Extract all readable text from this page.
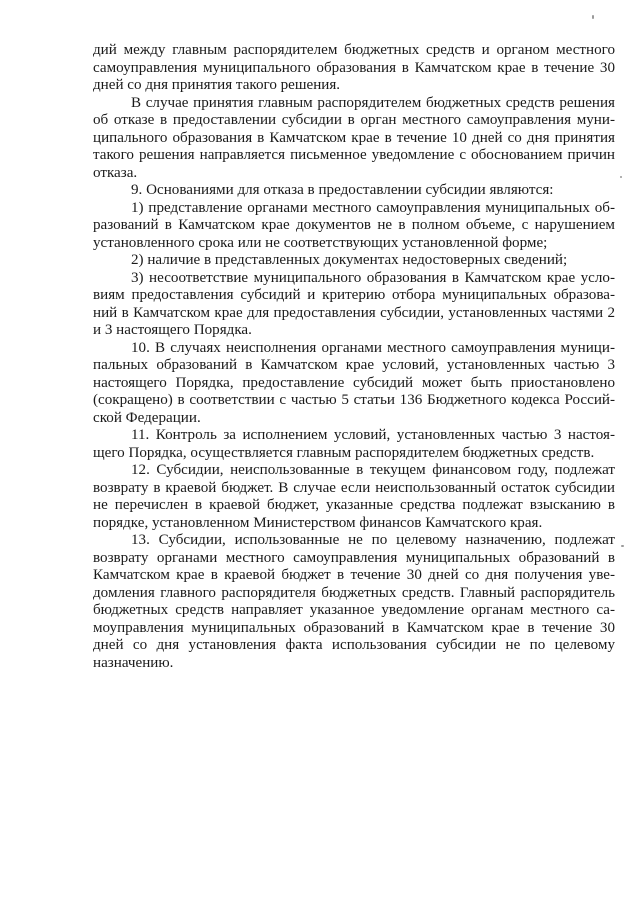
дий между главным распорядителем бюджетных средств и органом местного
самоуправления муниципального образования в Камчатском крае в течение 30
дней со дня принятия такого решения.
В случае принятия главным распорядителем бюджетных средств решения
об отказе в предоставлении субсидии в орган местного самоуправления муни-
ципального образования в Камчатском крае в течение 10 дней со дня принятия
такого решения направляется письменное уведомление с обоснованием причин
отказа.
9. Основаниями для отказа в предоставлении субсидии являются:
1) представление органами местного самоуправления муниципальных об-
разований в Камчатском крае документов не в полном объеме, с нарушением
установленного срока или не соответствующих установленной форме;
2) наличие в представленных документах недостоверных сведений;
3) несоответствие муниципального образования в Камчатском крае усло-
виям предоставления субсидий и критерию отбора муниципальных образова-
ний в Камчатском крае для предоставления субсидии, установленных частями 2
и 3 настоящего Порядка.
10. В случаях неисполнения органами местного самоуправления муници-
пальных образований в Камчатском крае условий, установленных частью 3
настоящего Порядка, предоставление субсидий может быть приостановлено
(сокращено) в соответствии с частью 5 статьи 136 Бюджетного кодекса Россий-
ской Федерации.
11. Контроль за исполнением условий, установленных частью 3 настоя-
щего Порядка, осуществляется главным распорядителем бюджетных средств.
12. Субсидии, неиспользованные в текущем финансовом году, подлежат
возврату в краевой бюджет. В случае если неиспользованный остаток субсидии
не перечислен в краевой бюджет, указанные средства подлежат взысканию в
порядке, установленном Министерством финансов Камчатского края.
13. Субсидии, использованные не по целевому назначению, подлежат
возврату органами местного самоуправления муниципальных образований в
Камчатском крае в краевой бюджет в течение 30 дней со дня получения уве-
домления главного распорядителя бюджетных средств. Главный распорядитель
бюджетных средств направляет указанное уведомление органам местного са-
моуправления муниципальных образований в Камчатском крае в течение 30
дней со дня установления факта использования субсидии не по целевому
назначению.
